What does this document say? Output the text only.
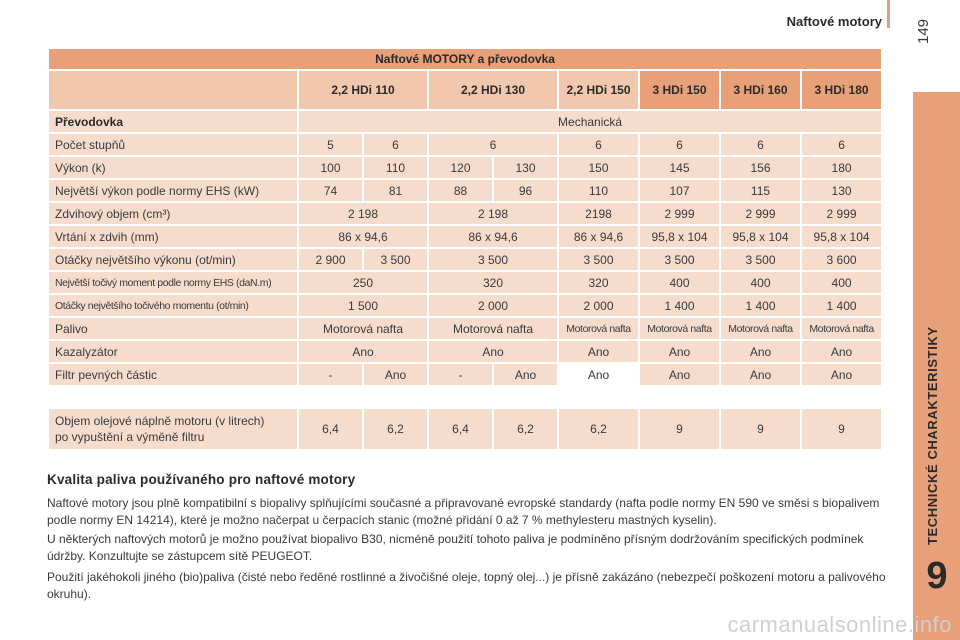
Naftové motory 149
TECHNICKÉ CHARAKTERISTIKY
9
Naftové MOTORY a převodovka								
	2,2 HDi 110		2,2 HDi 130		2,2 HDi 150	3 HDi 150	3 HDi 160	3 HDi 180
Převodovka	Mechanická							
Počet stupňů	5	6	6		6	6	6	6
Výkon (k)	100	110	120	130	150	145	156	180
Největší výkon podle normy EHS (kW)	74	81	88	96	110	107	115	130
Zdvihový objem (cm³)	2 198		2 198		2198	2 999	2 999	2 999
Vrtání x zdvih (mm)	86 x 94,6		86 x 94,6		86 x 94,6	95,8 x 104	95,8 x 104	95,8 x 104
Otáčky největšího výkonu (ot/min)	2 900	3 500	3 500		3 500	3 500	3 500	3 600
Největší točivý moment podle normy EHS (daN.m)	250		320		320	400	400	400
Otáčky největšího točivého momentu (ot/min)	1 500		2 000		2 000	1 400	1 400	1 400
Palivo	Motorová nafta		Motorová nafta		Motorová nafta	Motorová nafta	Motorová nafta	Motorová nafta
Kazalyzátor	Ano		Ano		Ano	Ano	Ano	Ano
Filtr pevných částic	-	Ano	-	Ano	Ano	Ano	Ano	Ano
Objem olejové náplně motoru (v litrech)
po vypuštění a výměně filtru	6,4	6,2	6,4	6,2	6,2	9	9	9
Kvalita paliva používaného pro naftové motory

Naftové motory jsou plně kompatibilní s biopalivy splňujícími současné a připravované evropské standardy (nafta podle normy EN 590 ve směsi s biopalivem podle normy EN 14214), které je možno načerpat u čerpacích stanic (možné přidání 0 až 7 % methylesteru mastných kyselin).

U některých naftových motorů je možno používat biopalivo B30, nicméně použití tohoto paliva je podmíněno přísným dodržováním specifických podmínek údržby. Konzultujte se zástupcem sítě PEUGEOT.

Použití jakéhokoli jiného (bio)paliva (čisté nebo ředěné rostlinné a živočišné oleje, topný olej...) je přísně zakázáno (nebezpečí poškození motoru a palivového okruhu).

carmanualsonline.info
